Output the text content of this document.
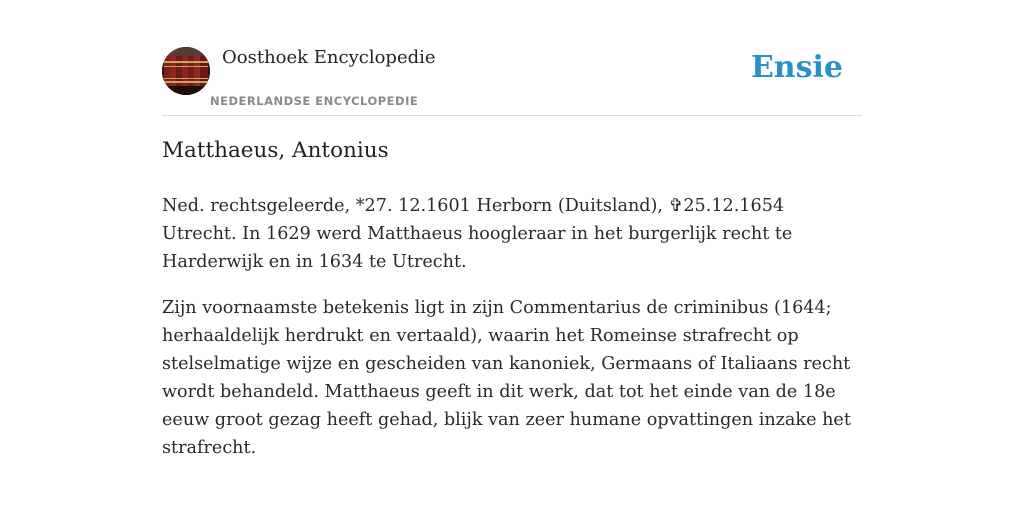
Oosthoek Encyclopedie
NEDERLANDSE ENCYCLOPEDIE
Ensie
Matthaeus, Antonius

Ned. rechtsgeleerde, *27. 12.1601 Herborn (Duitsland), ✞25.12.1654 Utrecht. In 1629 werd Matthaeus hoogleraar in het burgerlijk recht te Harderwijk en in 1634 te Utrecht.

Zijn voornaamste betekenis ligt in zijn Commentarius de criminibus (1644; herhaaldelijk herdrukt en vertaald), waarin het Romeinse strafrecht op stelselmatige wijze en gescheiden van kanoniek, Germaans of Italiaans recht wordt behandeld. Matthaeus geeft in dit werk, dat tot het einde van de 18e eeuw groot gezag heeft gehad, blijk van zeer humane opvattingen inzake het strafrecht.
